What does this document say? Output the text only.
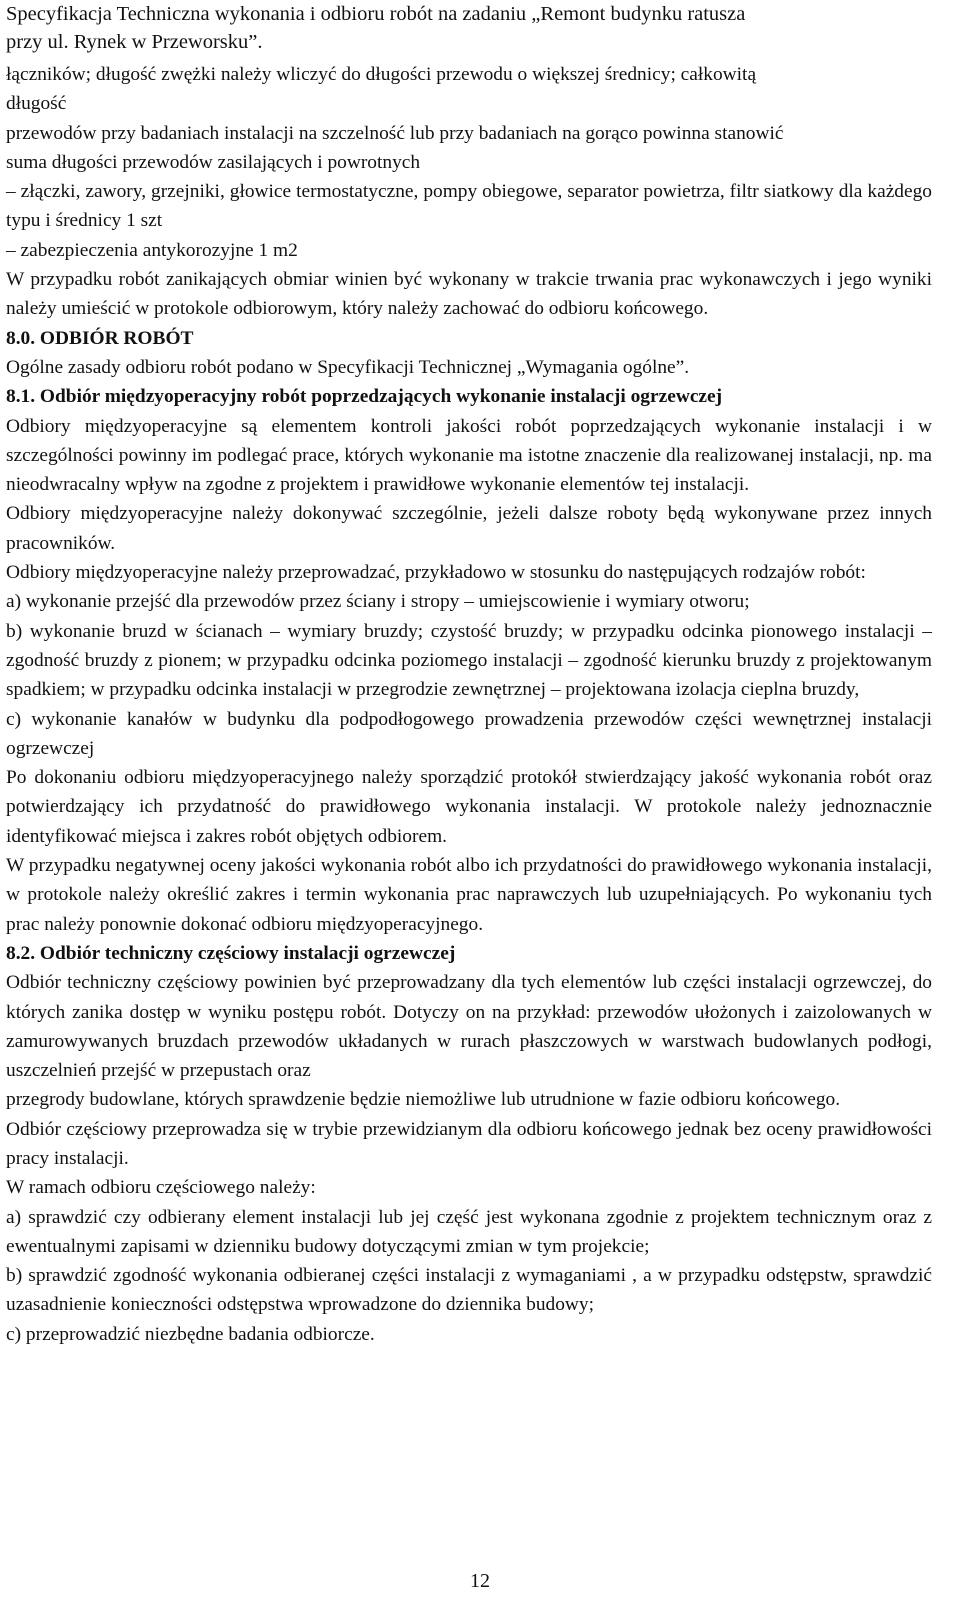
Specyfikacja Techniczna wykonania i odbioru robót na zadaniu „Remont budynku ratusza
przy ul. Rynek w Przeworsku”.

łączników; długość zwężki należy wliczyć do długości przewodu o większej średnicy; całkowitą

długość

przewodów przy badaniach instalacji na szczelność lub przy badaniach na gorąco powinna stanowić

suma długości przewodów zasilających i powrotnych

– złączki, zawory, grzejniki, głowice termostatyczne, pompy obiegowe, separator powietrza, filtr siatkowy dla każdego typu i średnicy 1 szt

– zabezpieczenia antykorozyjne 1 m2

W przypadku robót zanikających obmiar winien być wykonany w trakcie trwania prac wykonawczych i jego wyniki należy umieścić w protokole odbiorowym, który należy zachować do odbioru końcowego.

8.0. ODBIÓR ROBÓT

Ogólne zasady odbioru robót podano w Specyfikacji Technicznej „Wymagania ogólne”.

8.1. Odbiór międzyoperacyjny robót poprzedzających wykonanie instalacji ogrzewczej

Odbiory międzyoperacyjne są elementem kontroli jakości robót poprzedzających wykonanie instalacji i w szczególności powinny im podlegać prace, których wykonanie ma istotne znaczenie dla realizowanej instalacji, np. ma nieodwracalny wpływ na zgodne z projektem i prawidłowe wykonanie elementów tej instalacji.

Odbiory międzyoperacyjne należy dokonywać szczególnie, jeżeli dalsze roboty będą wykonywane przez innych pracowników.

Odbiory międzyoperacyjne należy przeprowadzać, przykładowo w stosunku do następujących rodzajów robót:

a) wykonanie przejść dla przewodów przez ściany i stropy – umiejscowienie i wymiary otworu;

b) wykonanie bruzd w ścianach – wymiary bruzdy; czystość bruzdy; w przypadku odcinka pionowego instalacji – zgodność bruzdy z pionem; w przypadku odcinka poziomego instalacji – zgodność kierunku bruzdy z projektowanym spadkiem; w przypadku odcinka instalacji w przegrodzie zewnętrznej – projektowana izolacja cieplna bruzdy,

c) wykonanie kanałów w budynku dla podpodłogowego prowadzenia przewodów części wewnętrznej instalacji ogrzewczej

Po dokonaniu odbioru międzyoperacyjnego należy sporządzić protokół stwierdzający jakość wykonania robót oraz potwierdzający ich przydatność do prawidłowego wykonania instalacji. W protokole należy jednoznacznie identyfikować miejsca i zakres robót objętych odbiorem.

W przypadku negatywnej oceny jakości wykonania robót albo ich przydatności do prawidłowego wykonania instalacji, w protokole należy określić zakres i termin wykonania prac naprawczych lub uzupełniających. Po wykonaniu tych prac należy ponownie dokonać odbioru międzyoperacyjnego.

8.2. Odbiór techniczny częściowy instalacji ogrzewczej

Odbiór techniczny częściowy powinien być przeprowadzany dla tych elementów lub części instalacji ogrzewczej, do których zanika dostęp w wyniku postępu robót. Dotyczy on na przykład: przewodów ułożonych i zaizolowanych w zamurowywanych bruzdach przewodów układanych w rurach płaszczowych w warstwach budowlanych podłogi, uszczelnień przejść w przepustach oraz

przegrody budowlane, których sprawdzenie będzie niemożliwe lub utrudnione w fazie odbioru końcowego.

Odbiór częściowy przeprowadza się w trybie przewidzianym dla odbioru końcowego jednak bez oceny prawidłowości pracy instalacji.

W ramach odbioru częściowego należy:

a) sprawdzić czy odbierany element instalacji lub jej część jest wykonana zgodnie z projektem technicznym oraz z ewentualnymi zapisami w dzienniku budowy dotyczącymi zmian w tym projekcie;

b) sprawdzić zgodność wykonania odbieranej części instalacji z wymaganiami , a w przypadku odstępstw, sprawdzić uzasadnienie konieczności odstępstwa wprowadzone do dziennika budowy;

c) przeprowadzić niezbędne badania odbiorcze.

12
